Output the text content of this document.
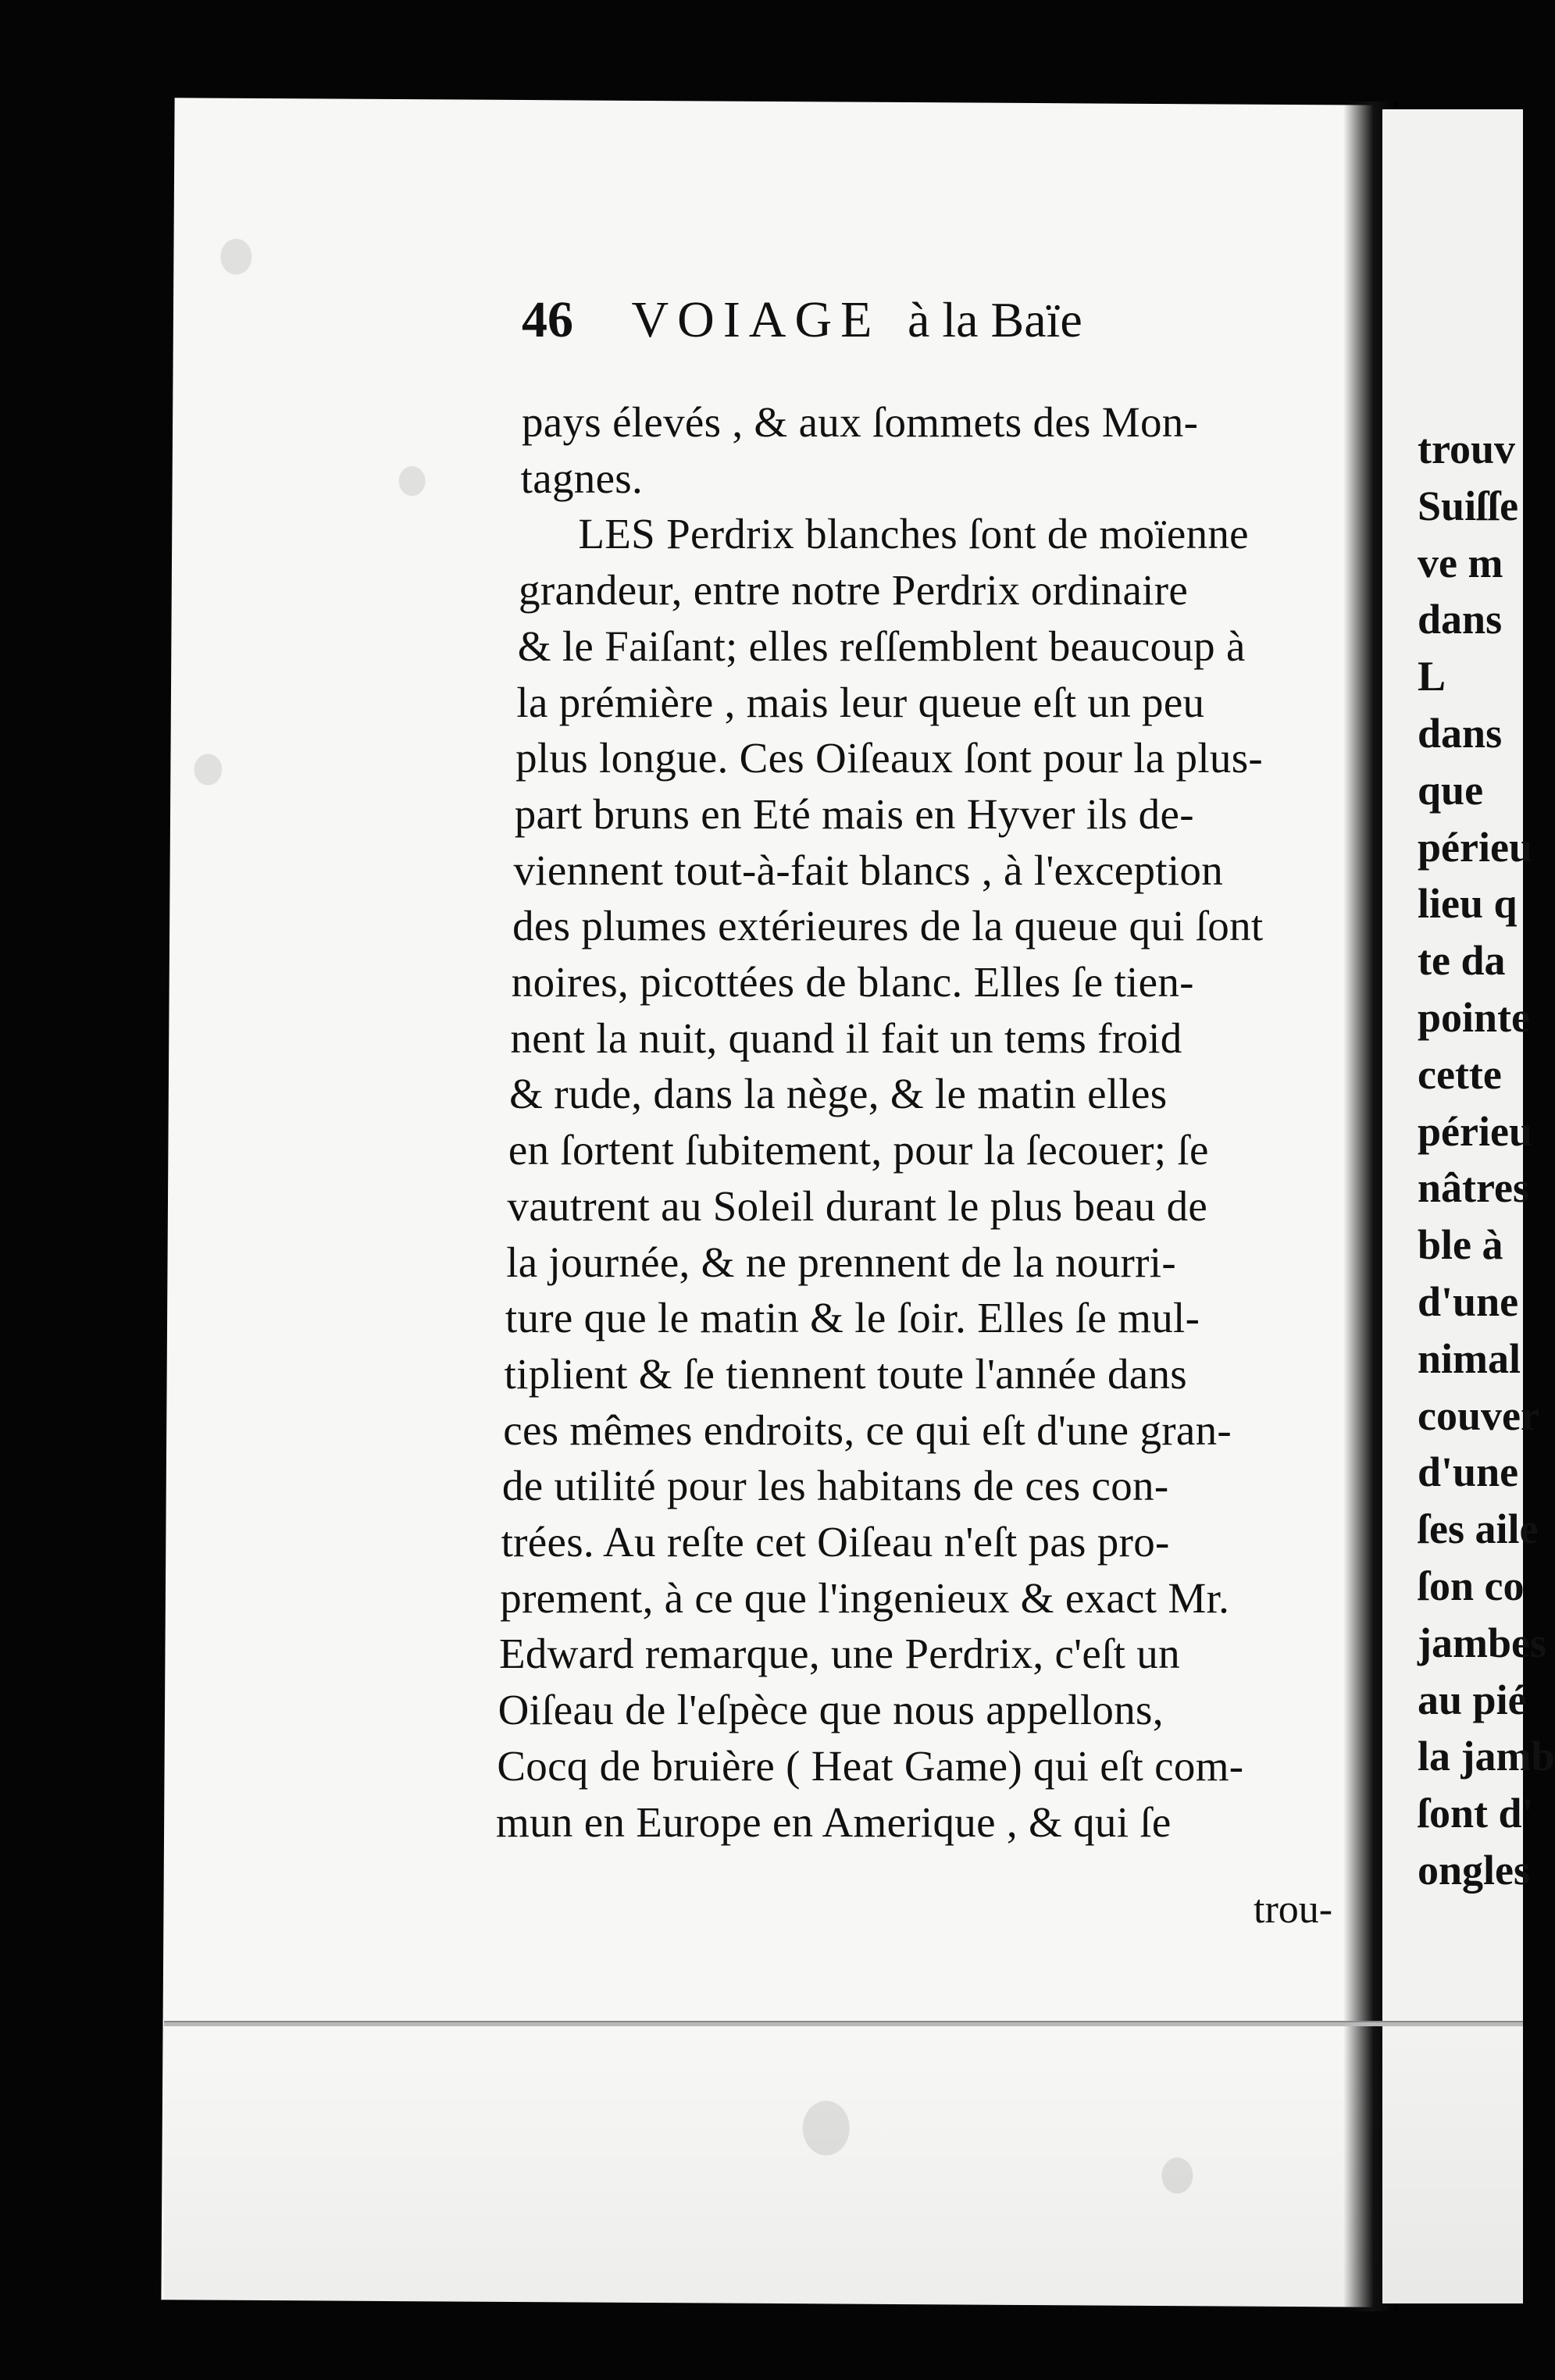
46 VOIAGE à la Baïe
pays élevés , & aux ſommets des Mon-
tagnes.
LES Perdrix blanches ſont de moïenne
grandeur, entre notre Perdrix ordinaire
& le Faiſant; elles reſſemblent beaucoup à
la prémière , mais leur queue eſt un peu
plus longue. Ces Oiſeaux ſont pour la plus-
part bruns en Eté mais en Hyver ils de-
viennent tout-à-fait blancs , à l'exception
des plumes extérieures de la queue qui ſont
noires, picottées de blanc. Elles ſe tien-
nent la nuit, quand il fait un tems froid
& rude, dans la nège, & le matin elles
en ſortent ſubitement, pour la ſecouer; ſe
vautrent au Soleil durant le plus beau de
la journée, & ne prennent de la nourri-
ture que le matin & le ſoir. Elles ſe mul-
tiplient & ſe tiennent toute l'année dans
ces mêmes endroits, ce qui eſt d'une gran-
de utilité pour les habitans de ces con-
trées. Au reſte cet Oiſeau n'eſt pas pro-
prement, à ce que l'ingenieux & exact Mr.
Edward remarque, une Perdrix, c'eſt un
Oiſeau de l'eſpèce que nous appellons,
Cocq de bruière ( Heat Game) qui eſt com-
mun en Europe en Amerique , & qui ſe
trou-
trouv
Suiſſe
ve m
dans
L
dans
que
périeu
lieu q
te da
pointe
cette
périeu
nâtres
ble à
d'une
nimal
couver
d'une
ſes aile
ſon co
jambes
au pié
la jamb
ſont d'
ongles
